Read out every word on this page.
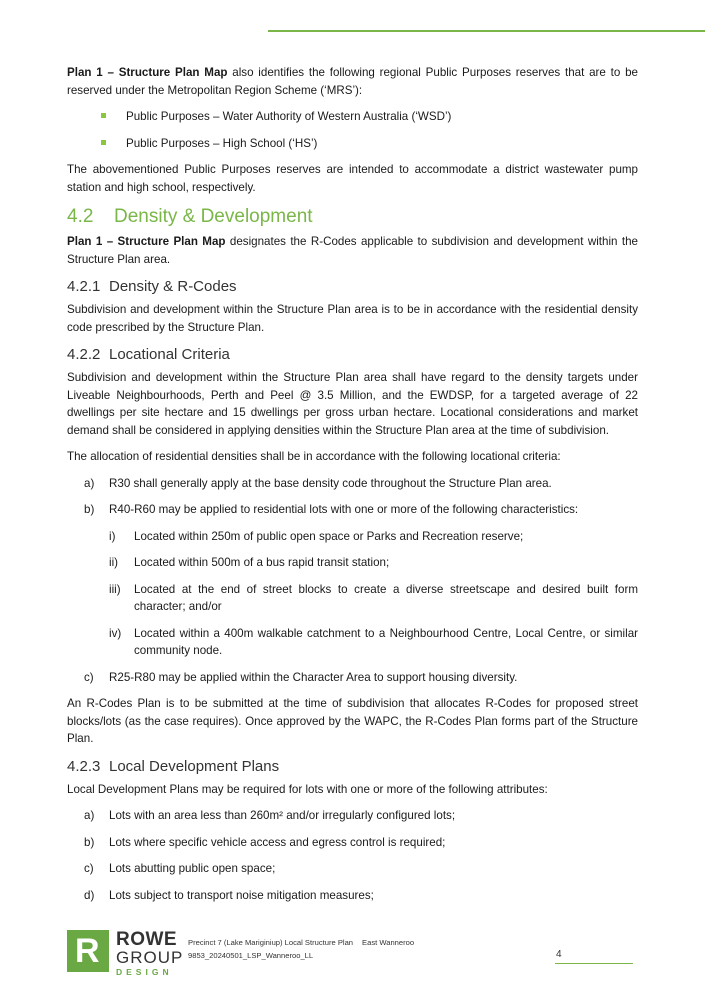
Plan 1 – Structure Plan Map also identifies the following regional Public Purposes reserves that are to be reserved under the Metropolitan Region Scheme (‘MRS’):

Public Purposes – Water Authority of Western Australia (‘WSD’)
Public Purposes – High School (‘HS’)

The abovementioned Public Purposes reserves are intended to accommodate a district wastewater pump station and high school, respectively.

4.2 Density & Development

Plan 1 – Structure Plan Map designates the R-Codes applicable to subdivision and development within the Structure Plan area.

4.2.1 Density & R-Codes

Subdivision and development within the Structure Plan area is to be in accordance with the residential density code prescribed by the Structure Plan.

4.2.2 Locational Criteria

Subdivision and development within the Structure Plan area shall have regard to the density targets under Liveable Neighbourhoods, Perth and Peel @ 3.5 Million, and the EWDSP, for a targeted average of 22 dwellings per site hectare and 15 dwellings per gross urban hectare. Locational considerations and market demand shall be considered in applying densities within the Structure Plan area at the time of subdivision.

The allocation of residential densities shall be in accordance with the following locational criteria:

a) R30 shall generally apply at the base density code throughout the Structure Plan area.
b) R40-R60 may be applied to residential lots with one or more of the following characteristics:
i) Located within 250m of public open space or Parks and Recreation reserve;
ii) Located within 500m of a bus rapid transit station;
iii) Located at the end of street blocks to create a diverse streetscape and desired built form character; and/or
iv) Located within a 400m walkable catchment to a Neighbourhood Centre, Local Centre, or similar community node.
c) R25-R80 may be applied within the Character Area to support housing diversity.

An R-Codes Plan is to be submitted at the time of subdivision that allocates R-Codes for proposed street blocks/lots (as the case requires). Once approved by the WAPC, the R-Codes Plan forms part of the Structure Plan.

4.2.3 Local Development Plans

Local Development Plans may be required for lots with one or more of the following attributes:

a) Lots with an area less than 260m² and/or irregularly configured lots;
b) Lots where specific vehicle access and egress control is required;
c) Lots abutting public open space;
d) Lots subject to transport noise mitigation measures;
R ROWE
GROUP
DESIGN
Precinct 7 (Lake Mariginiup) Local Structure Plan East Wanneroo
9853_20240501_LSP_Wanneroo_LL	4
